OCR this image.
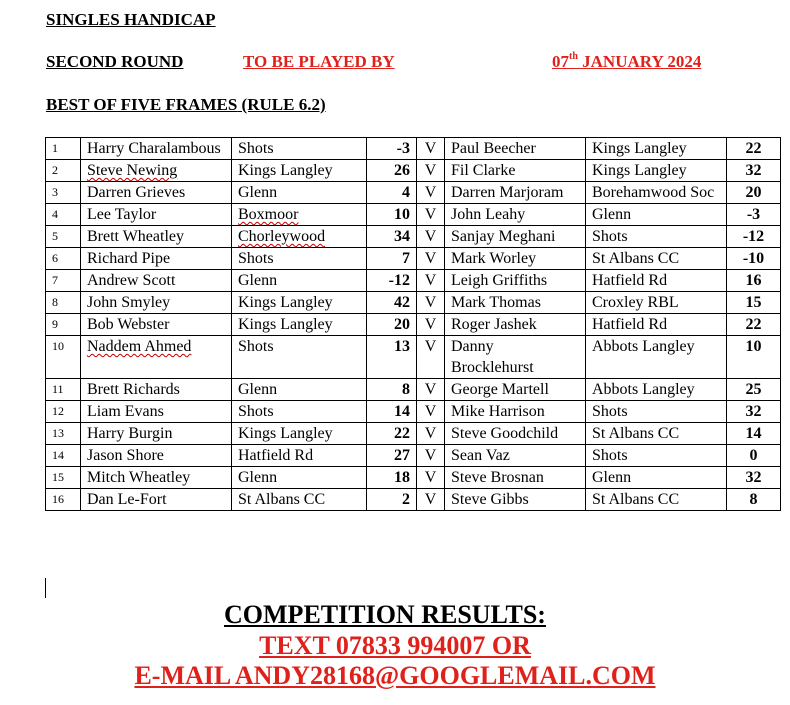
SINGLES HANDICAP
SECOND ROUND	TO BE PLAYED BY	07th JANUARY 2024
BEST OF FIVE FRAMES (RULE 6.2)
1	Harry Charalambous	Shots	-3	V	Paul Beecher	Kings Langley	22
2	Steve Newing	Kings Langley	26	V	Fil Clarke	Kings Langley	32
3	Darren Grieves	Glenn	4	V	Darren Marjoram	Borehamwood Soc	20
4	Lee Taylor	Boxmoor	10	V	John Leahy	Glenn	-3
5	Brett Wheatley	Chorleywood	34	V	Sanjay Meghani	Shots	-12
6	Richard Pipe	Shots	7	V	Mark Worley	St Albans CC	-10
7	Andrew Scott	Glenn	-12	V	Leigh Griffiths	Hatfield Rd	16
8	John Smyley	Kings Langley	42	V	Mark Thomas	Croxley RBL	15
9	Bob Webster	Kings Langley	20	V	Roger Jashek	Hatfield Rd	22
10	Naddem Ahmed	Shots	13	V	Danny Brocklehurst	Abbots Langley	10
11	Brett Richards	Glenn	8	V	George Martell	Abbots Langley	25
12	Liam Evans	Shots	14	V	Mike Harrison	Shots	32
13	Harry Burgin	Kings Langley	22	V	Steve Goodchild	St Albans CC	14
14	Jason Shore	Hatfield Rd	27	V	Sean Vaz	Shots	0
15	Mitch Wheatley	Glenn	18	V	Steve Brosnan	Glenn	32
16	Dan Le-Fort	St Albans CC	2	V	Steve Gibbs	St Albans CC	8
COMPETITION RESULTS:
TEXT 07833 994007 OR
E-MAIL ANDY28168@GOOGLEMAIL.COM
